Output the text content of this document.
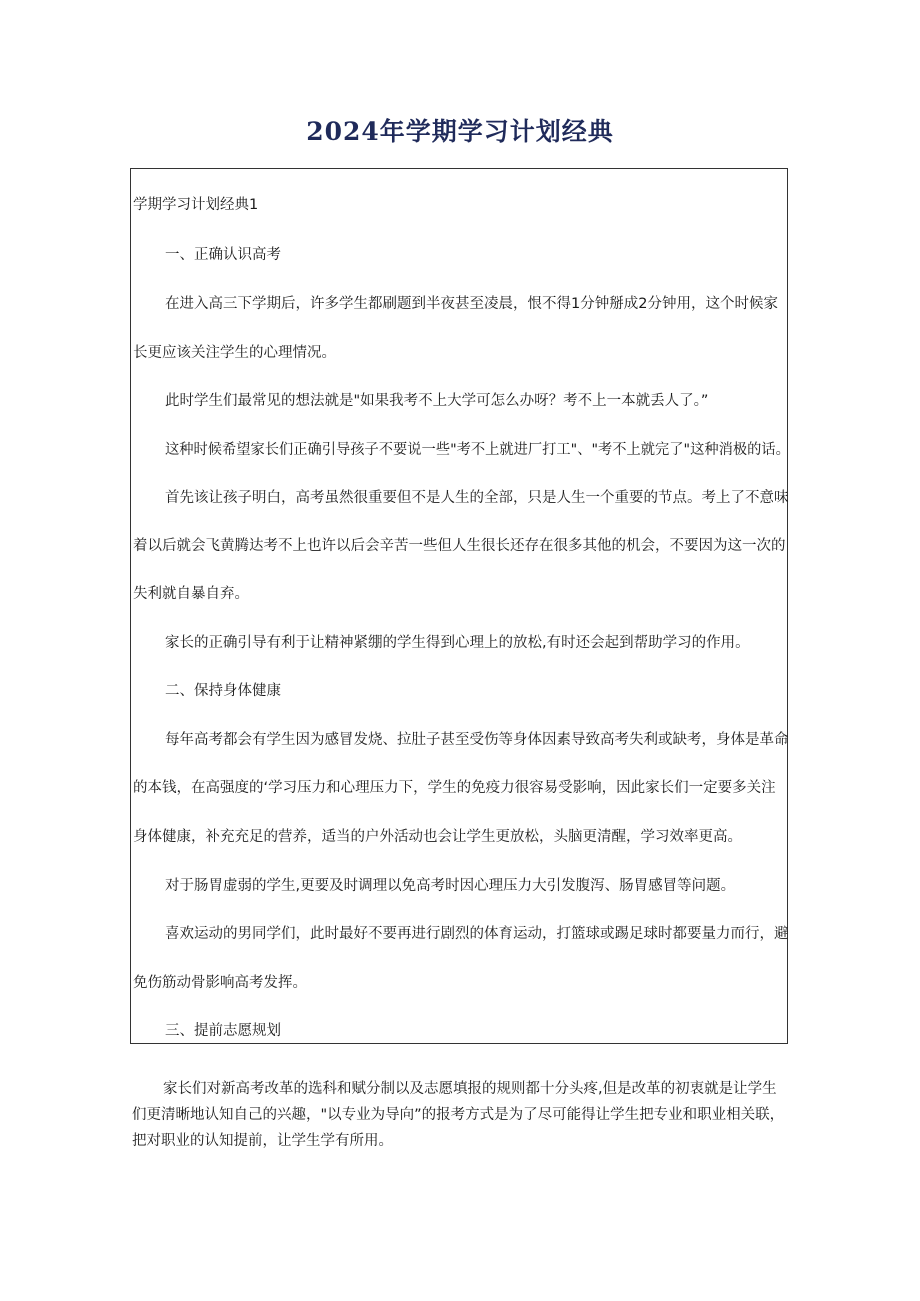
2024年学期学习计划经典

学期学习计划经典1

一、正确认识高考

在进入高三下学期后，许多学生都刷题到半夜甚至凌晨，恨不得1分钟掰成2分钟用，这个时候家

长更应该关注学生的心理情况。

此时学生们最常见的想法就是"如果我考不上大学可怎么办呀？考不上一本就丢人了。”

这种时候希望家长们正确引导孩子不要说一些"考不上就进厂打工"、"考不上就完了"这种消极的话。

首先该让孩子明白，高考虽然很重要但不是人生的全部，只是人生一个重要的节点。考上了不意味

着以后就会飞黄腾达考不上也许以后会辛苦一些但人生很长还存在很多其他的机会，不要因为这一次的

失利就自暴自弃。

家长的正确引导有利于让精神紧绷的学生得到心理上的放松,有时还会起到帮助学习的作用。

二、保持身体健康

每年高考都会有学生因为感冒发烧、拉肚子甚至受伤等身体因素导致高考失利或缺考，身体是革命

的本钱，在高强度的‘学习压力和心理压力下，学生的免疫力很容易受影响，因此家长们一定要多关注

身体健康，补充充足的营养，适当的户外活动也会让学生更放松，头脑更清醒，学习效率更高。

对于肠胃虚弱的学生,更要及时调理以免高考时因心理压力大引发腹泻、肠胃感冒等问题。

喜欢运动的男同学们，此时最好不要再进行剧烈的体育运动，打篮球或踢足球时都要量力而行，避

免伤筋动骨影响高考发挥。

三、提前志愿规划

家长们对新高考改革的选科和赋分制以及志愿填报的规则都十分头疼,但是改革的初衷就是让学生

们更清晰地认知自己的兴趣，"以专业为导向”的报考方式是为了尽可能得让学生把专业和职业相关联，

把对职业的认知提前，让学生学有所用。
